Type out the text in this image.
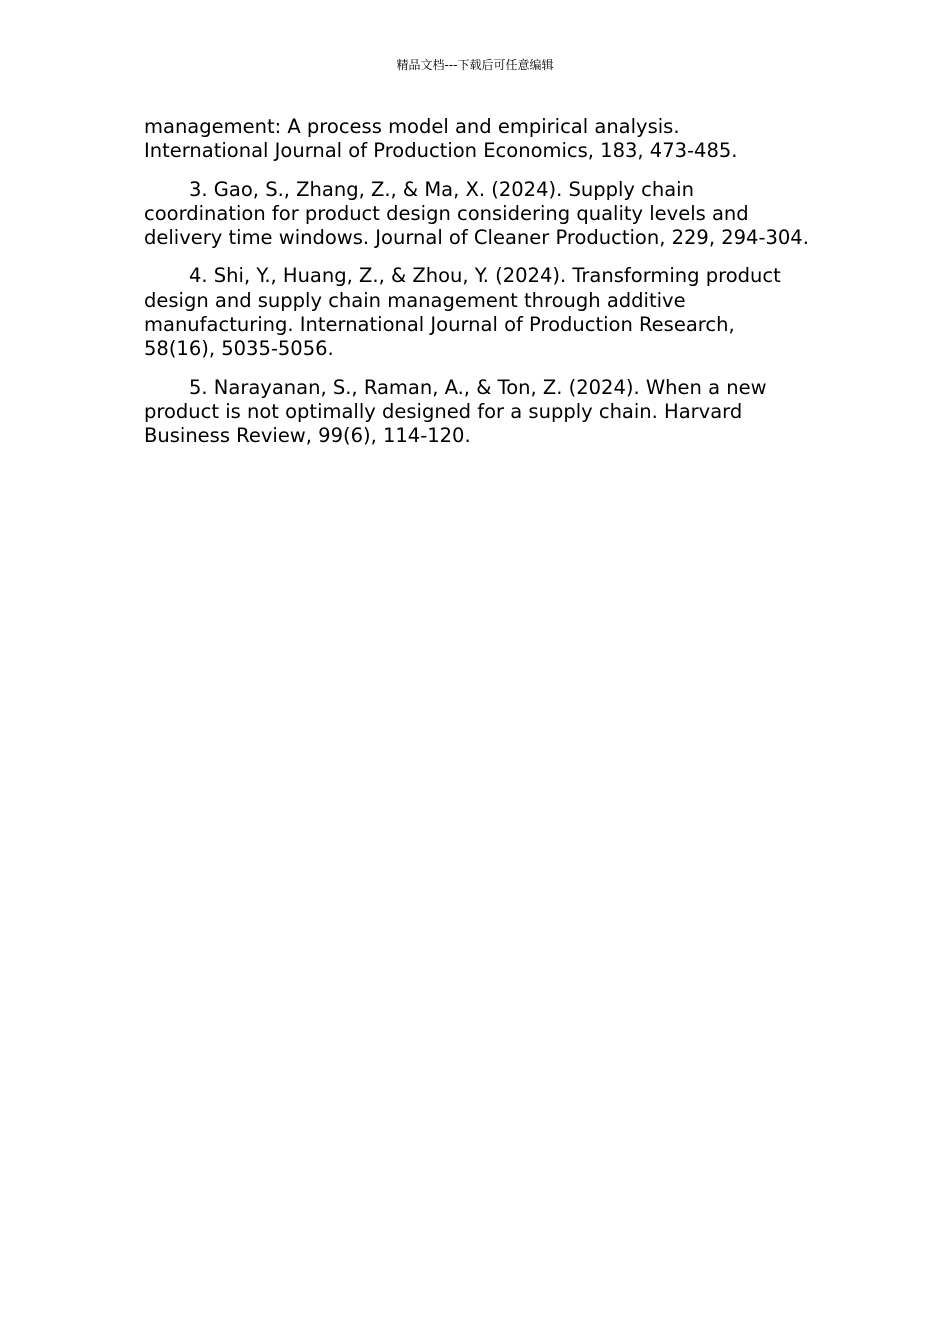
精品文档---下载后可任意编辑

management: A process model and empirical analysis. International Journal of Production Economics, 183, 473-485.

3. Gao, S., Zhang, Z., & Ma, X. (2024). Supply chain coordination for product design considering quality levels and delivery time windows. Journal of Cleaner Production, 229, 294-304.

4. Shi, Y., Huang, Z., & Zhou, Y. (2024). Transforming product design and supply chain management through additive manufacturing. International Journal of Production Research, 58(16), 5035-5056.

5. Narayanan, S., Raman, A., & Ton, Z. (2024). When a new product is not optimally designed for a supply chain. Harvard Business Review, 99(6), 114-120.
